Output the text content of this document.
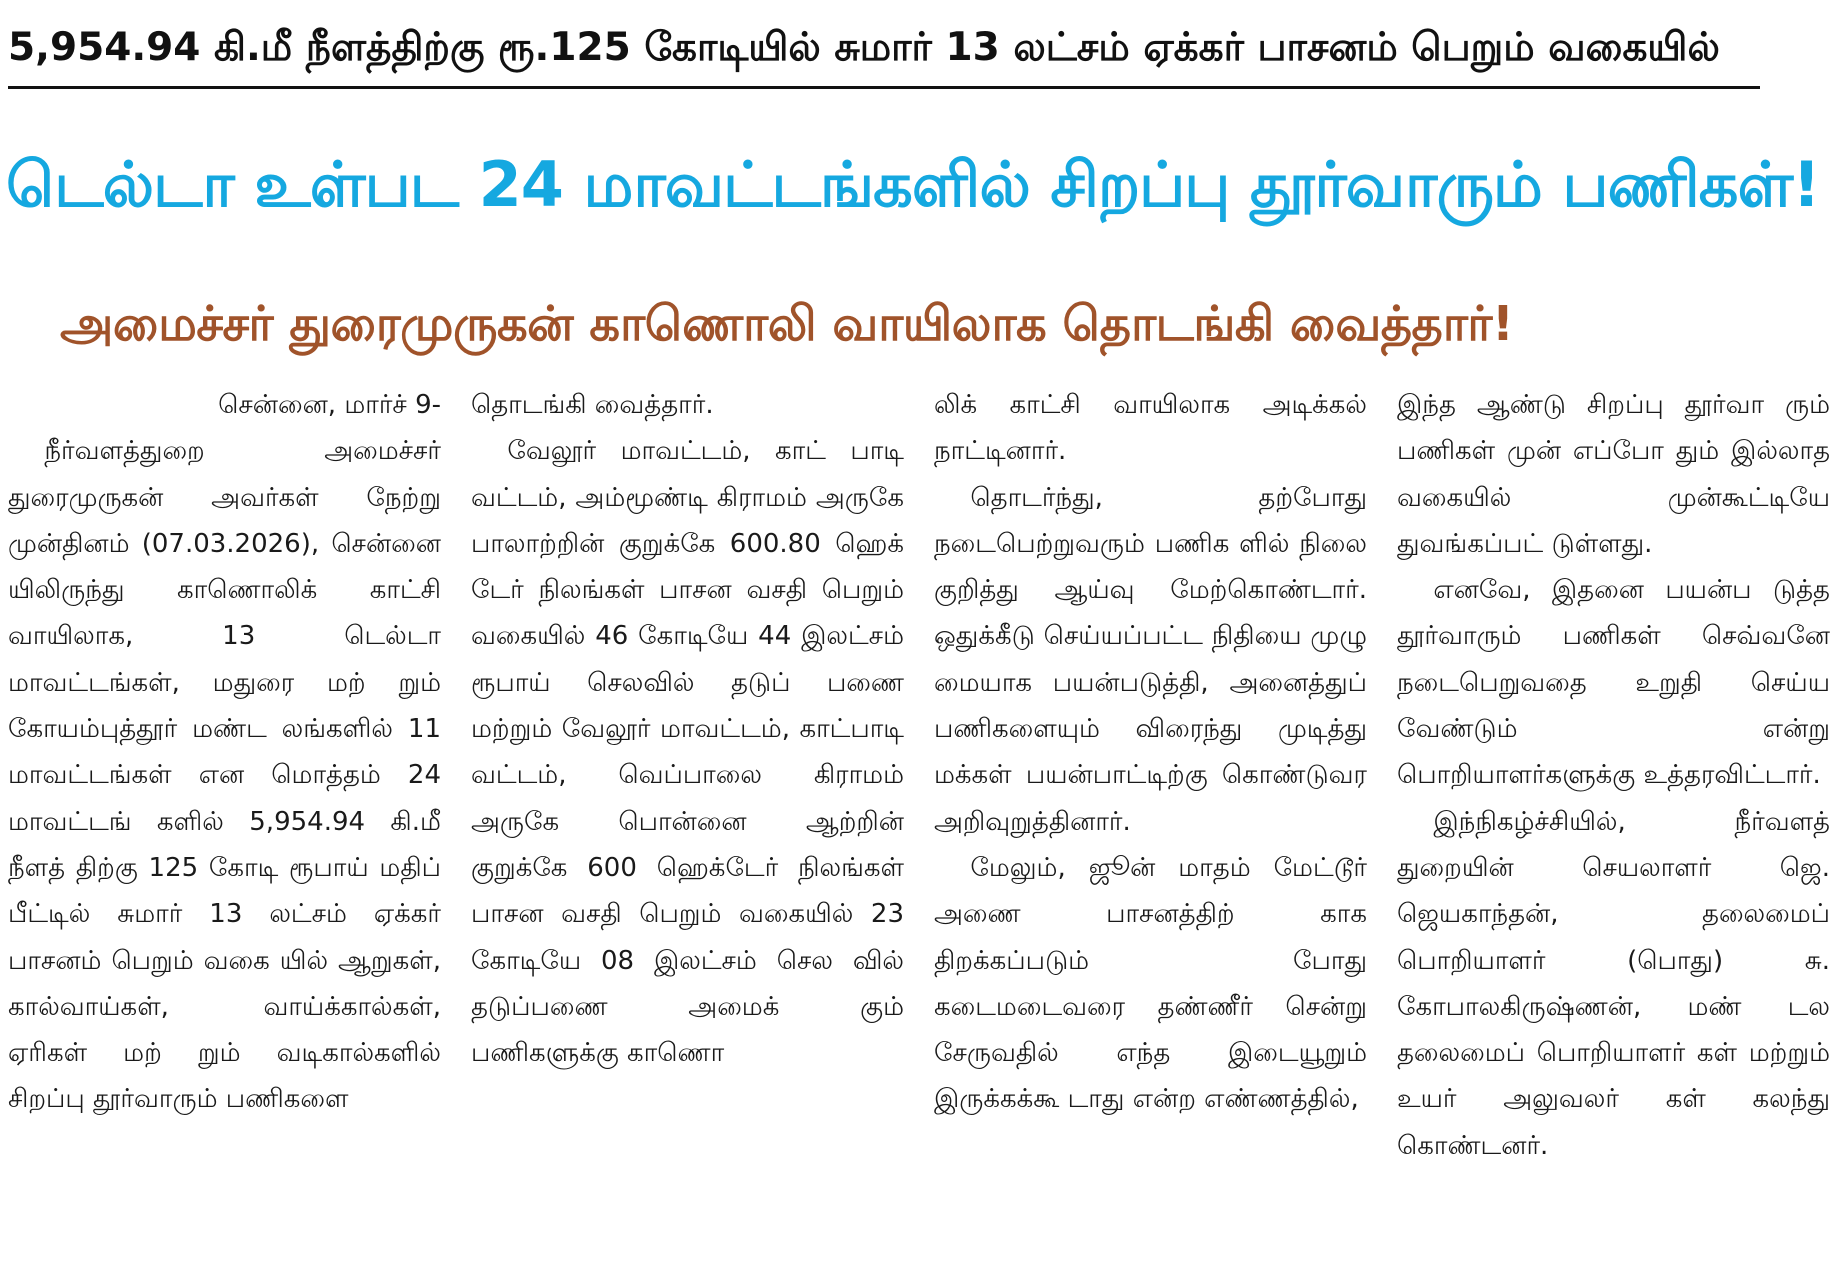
5,954.94 கி.மீ நீளத்திற்கு ரூ.125 கோடியில் சுமார் 13 லட்சம் ஏக்கர் பாசனம் பெறும் வகையில்
டெல்டா உள்பட 24 மாவட்டங்களில் சிறப்பு தூர்வாரும் பணிகள்!
அமைச்சர் துரைமுருகன் காணொலி வாயிலாக தொடங்கி வைத்தார்!

சென்னை, மார்ச் 9-

நீர்வளத்துறை அமைச்சர் துரைமுருகன் அவர்கள் நேற்று முன்தினம் (07.03.2026), சென்னை யிலிருந்து காணொலிக் காட்சி வாயிலாக, 13 டெல்டா மாவட்டங்கள், மதுரை மற் றும் கோயம்புத்தூர் மண்ட லங்களில் 11 மாவட்டங்கள் என மொத்தம் 24 மாவட்டங் களில் 5,954.94 கி.மீ நீளத் திற்கு 125 கோடி ரூபாய் மதிப் பீட்டில் சுமார் 13 லட்சம் ஏக்கர் பாசனம் பெறும் வகை யில் ஆறுகள், கால்வாய்கள், வாய்க்கால்கள், ஏரிகள் மற் றும் வடிகால்களில் சிறப்பு தூர்வாரும் பணிகளை

தொடங்கி வைத்தார்.

வேலூர் மாவட்டம், காட் பாடி வட்டம், அம்மூண்டி கிராமம் அருகே பாலாற்றின் குறுக்கே 600.80 ஹெக் டேர் நிலங்கள் பாசன வசதி பெறும் வகையில் 46 கோடியே 44 இலட்சம் ரூபாய் செலவில் தடுப் பணை மற்றும் வேலூர் மாவட்டம், காட்பாடி வட்டம், வெப்பாலை கிராமம் அருகே பொன்னை ஆற்றின் குறுக்கே 600 ஹெக்டேர் நிலங்கள் பாசன வசதி பெறும் வகையில் 23 கோடியே 08 இலட்சம் செல வில் தடுப்பணை அமைக் கும் பணிகளுக்கு காணொ

லிக் காட்சி வாயிலாக அடிக்கல் நாட்டினார்.

தொடர்ந்து, தற்போது நடைபெற்றுவரும் பணிக ளில் நிலை குறித்து ஆய்வு மேற்கொண்டார். ஒதுக்கீடு செய்யப்பட்ட நிதியை முழு மையாக பயன்படுத்தி, அனைத்துப் பணிகளையும் விரைந்து முடித்து மக்கள் பயன்பாட்டிற்கு கொண்டுவர அறிவுறுத்தினார்.

மேலும், ஜூன் மாதம் மேட்டூர் அணை பாசனத்திற் காக திறக்கப்படும் போது கடைமடைவரை தண்ணீர் சென்று சேருவதில் எந்த இடையூறும் இருக்கக்கூ டாது என்ற எண்ணத்தில்,

இந்த ஆண்டு சிறப்பு தூர்வா ரும் பணிகள் முன் எப்போ தும் இல்லாத வகையில் முன்கூட்டியே துவங்கப்பட் டுள்ளது.

எனவே, இதனை பயன்ப டுத்த தூர்வாரும் பணிகள் செவ்வனே நடைபெறுவதை உறுதி செய்ய வேண்டும் என்று பொறியாளர்களுக்கு உத்தரவிட்டார்.

இந்நிகழ்ச்சியில், நீர்வளத் துறையின் செயலாளர் ஜெ. ஜெயகாந்தன், தலைமைப் பொறியாளர் (பொது) சு. கோபாலகிருஷ்ணன், மண் டல தலைமைப் பொறியாளர் கள் மற்றும் உயர் அலுவலர் கள் கலந்து கொண்டனர்.
